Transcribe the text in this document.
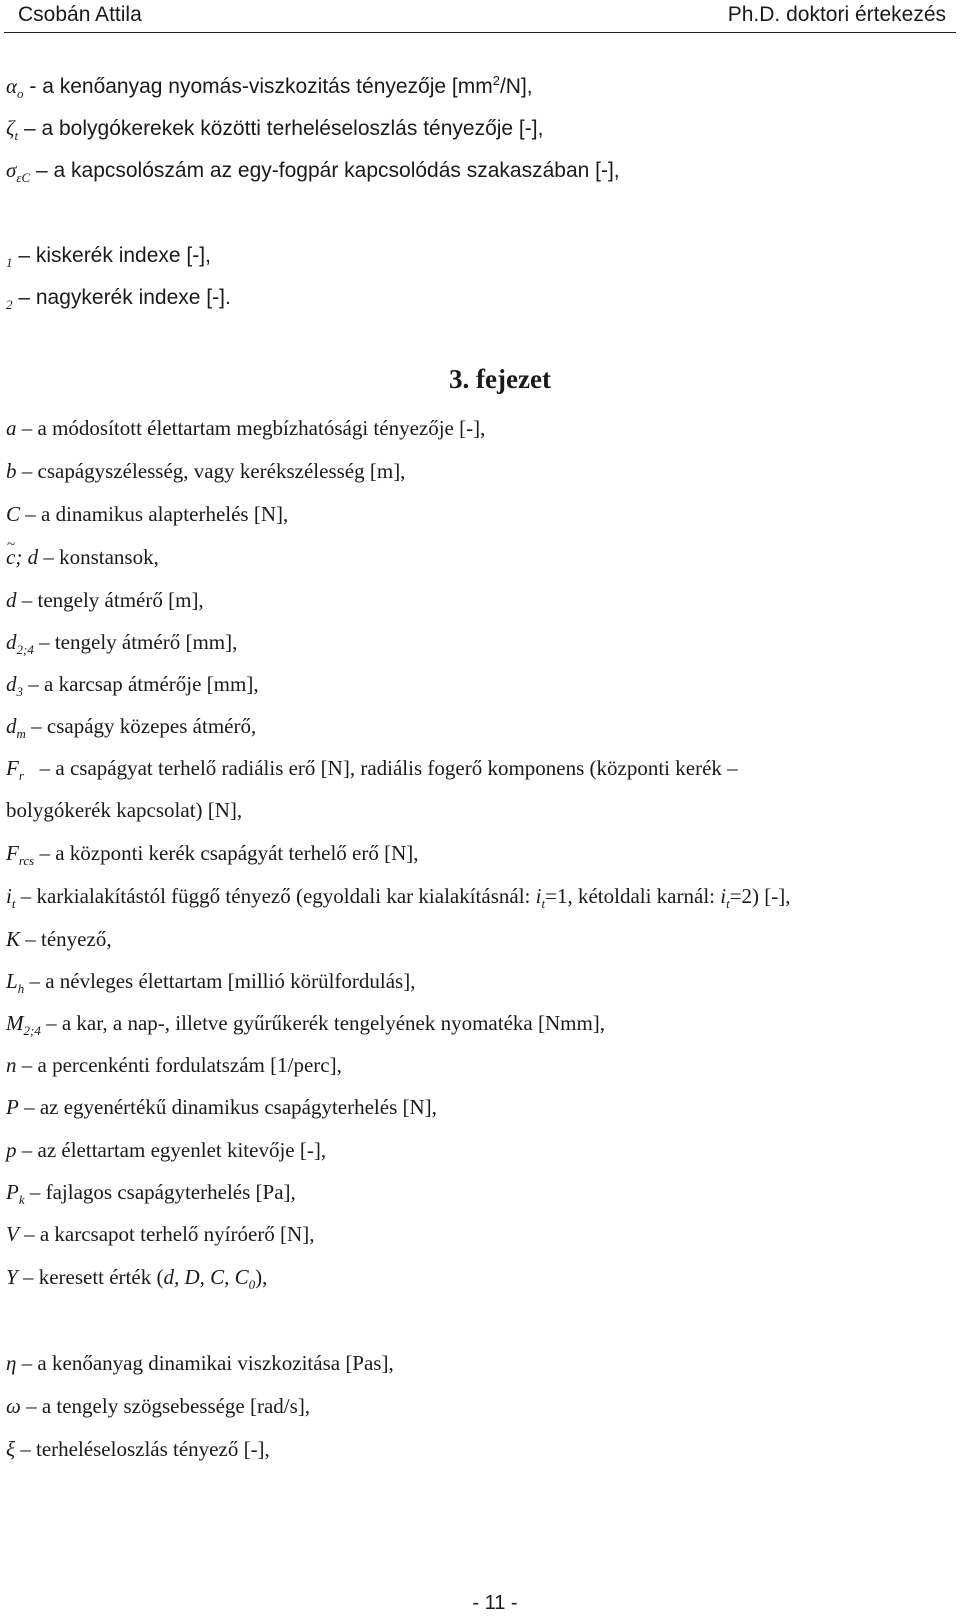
Csobán Attila	Ph.D. doktori értekezés
$\alpha_o$ - a kenőanyag nyomás-viszkozitás tényezője $[mm^2/N]$,
$\zeta_t$ – a bolygókerekek közötti terheléseloszlás tényezője [-],
$\sigma_{\varepsilon C}$ – a kapcsolószám az egy-fogpár kapcsolódás szakaszában [-],
$_1$ – kiskerék indexe [-],
$_2$ – nagykerék indexe [-].
3. fejezet
a – a módosított élettartam megbízhatósági tényezője [-],
b – csapágyszélesség, vagy kerékszélesség [m],
C – a dinamikus alapterhelés [N],
~ c; d – konstansok,
d – tengely átmérő [m],
$d_{2;4}$ – tengely átmérő [mm],
$d_3$ – a karcsap átmérője [mm],
$d_m$ – csapágy közepes átmérő,
$F_r$ – a csapágyat terhelő radiális erő [N], radiális fogerő komponens (központi kerék –
bolygókerék kapcsolat) [N],
$F_{rcs}$ – a központi kerék csapágyát terhelő erő [N],
$i_t$ – karkialakítástól függő tényező (egyoldali kar kialakításnál: $i_t=1$, kétoldali karnál: $i_t=2$) [-],
K – tényező,
$L_h$ – a névleges élettartam [millió körülfordulás],
$M_{2;4}$ – a kar, a nap-, illetve gyűrűkerék tengelyének nyomatéka [Nmm],
n – a percenkénti fordulatszám [1/perc],
P – az egyenértékű dinamikus csapágyterhelés [N],
p – az élettartam egyenlet kitevője [-],
$P_k$ – fajlagos csapágyterhelés [Pa],
V – a karcsapot terhelő nyíróerő [N],
Y – keresett érték (d, D, C, $C_0$),
η – a kenőanyag dinamikai viszkozitása [Pas],
ω – a tengely szögsebessége [rad/s],
ξ – terheléseloszlás tényező [-],
- 11 -
